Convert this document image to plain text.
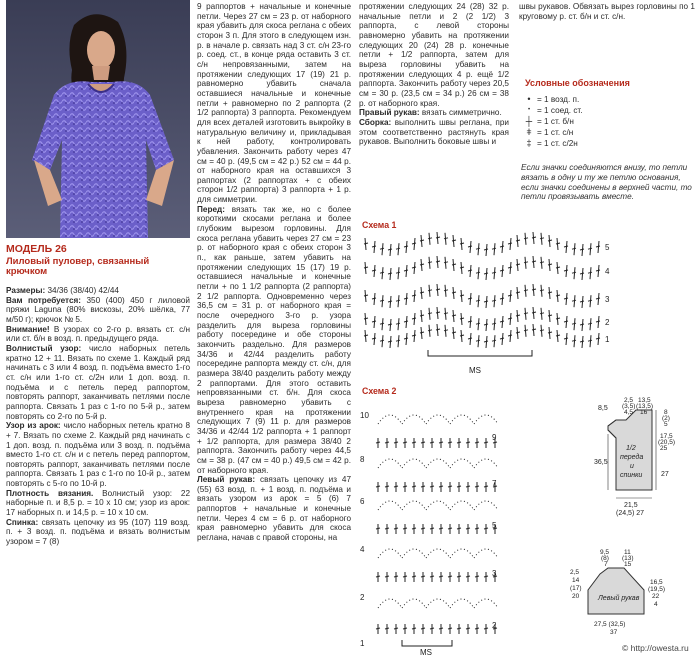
МОДЕЛЬ 26
Лиловый пуловер, связанный крючком

Размеры: 34/36 (38/40) 42/44

Вам потребуется: 350 (400) 450 г лиловой пряжи Laguna (80% вискозы, 20% шёлка, 77 м/50 г); крючок № 5.

Внимание! В узорах со 2-го р. вязать ст. с/н или ст. б/н в возд. п. предыдущего ряда.

Волнистый узор: число наборных петель кратно 12 + 11. Вязать по схеме 1. Каждый ряд начинать с 3 или 4 возд. п. подъёма вместо 1-го ст. с/н или 1-го ст. с/2н или 1 доп. возд. п. подъёма и с петель перед раппортом, повторять раппорт, заканчивать петлями после раппорта. Связать 1 раз с 1-го по 5-й р., затем повторять со 2-го по 5-й р.

Узор из арок: число наборных петель кратно 8 + 7. Вязать по схеме 2. Каждый ряд начинать с 1 доп. возд. п. подъёма или 3 возд. п. подъёма вместо 1-го ст. с/н и с петель перед раппортом, повторять раппорт, заканчивать петлями после раппорта. Связать 1 раз с 1-го по 10-й р., затем повторять с 5-го по 10-й р.

Плотность вязания. Волнистый узор: 22 наборные п. и 8,5 р. = 10 х 10 см; узор из арок: 17 наборных п. и 14,5 р. = 10 х 10 см.

Спинка: связать цепочку из 95 (107) 119 возд. п. + 3 возд. п. подъёма и вязать волнистым узором = 7 (8)

9 раппортов + начальные и конечные петли. Через 27 см = 23 р. от наборного края убавить для скоса реглана с обеих сторон 3 п. Для этого в следующем изн. р. в начале р. связать над 3 ст. с/н 23-го р. соед. ст., в конце ряда оставить 3 ст. с/н непровязанными, затем на протяжении следующих 17 (19) 21 р. равномерно убавить сначала оставшиеся начальные и конечные петли + равномерно по 2 раппорта (2 1/2 раппорта) 3 раппорта. Рекомендуем для всех деталей изготовить выкройку в натуральную величину и, прикладывая к ней работу, контролировать убавления. Закончить работу через 47 см = 40 р. (49,5 см = 42 р.) 52 см = 44 р. от наборного края на оставшихся 3 раппортах (2 раппортах + с обеих сторон 1/2 раппорта) 3 раппорта + 1 р. для симметрии.

Перед: вязать так же, но с более короткими скосами реглана и более глубоким вырезом горловины. Для скоса реглана убавить через 27 см = 23 р. от наборного края с обеих сторон 3 п., как раньше, затем убавить на протяжении следующих 15 (17) 19 р. оставшиеся начальные и конечные петли + по 1 1/2 раппорта (2 раппорта) 2 1/2 раппорта. Одновременно через 36,5 см = 31 р. от наборного края = после очередного 3-го р. узора разделить для выреза горловины работу посередине и обе стороны закончить раздельно. Для размеров 34/36 и 42/44 разделить работу посередине раппорта между ст. с/н, для размера 38/40 разделить работу между 2 раппортами. Для этого оставить непровязанными ст. б/н. Для скоса выреза равномерно убавить с внутреннего края на протяжении следующих 7 (9) 11 р. для размеров 34/36 и 42/44 1/2 раппорта + 1 раппорт + 1/2 раппорта, для размера 38/40 2 раппорта. Закончить работу через 44,5 см = 38 р. (47 см = 40 р.) 49,5 см = 42 р. от наборного края.

Левый рукав: связать цепочку из 47 (55) 63 возд. п. + 1 возд. п. подъёма и вязать узором из арок = 5 (6) 7 раппортов + начальные и конечные петли. Через 4 см = 6 р. от наборного края равномерно убавить для скоса реглана, начав с правой стороны, на

протяжении следующих 24 (28) 32 р. начальные петли и 2 (2 1/2) 3 раппорта, с левой стороны равномерно убавить на протяжении следующих 20 (24) 28 р. конечные петли + 1/2 раппорта, затем для выреза горловины убавить на протяжении следующих 4 р. ещё 1/2 раппорта. Закончить работу через 20,5 см = 30 р. (23,5 см = 34 р.) 26 см = 38 р. от наборного края.

Правый рукав: вязать симметрично.

Сборка: выполнить швы реглана, при этом соответственно растянуть края рукавов. Выполнить боковые швы и

швы рукавов. Обвязать вырез горловины по 1 круговому р. ст. б/н и ст. с/н.

Условные обозначения
• = 1 возд. п.
• = 1 соед. ст.
┼ = 1 ст. б/н
ǂ = 1 ст. с/н
‡ = 1 ст. с/2н
Если значки соединяются внизу, то петли вязать в одну и ту же петлю основания, если значки соединены в верхней части, то петли провязывать вместе.
Схема 1
5
4
3
2
1
MS
Схема 2
10
8
6
4
2
1
9
7
5
3
2
MS
8,5
2,5
(3,5)
4,5
13,5
(13,5)
16	8
(2)
5
17,5
(20,5)
25
36,5
27
1/2
переда
и
спинки
21,5
(24,5) 27
9,5
(8)
7
11
(13)
15
2,5
14
(17)
20
16,5
(19,5)
22
4
Левый рукав
27,5 (32,5)
37
© http://owesta.ru
